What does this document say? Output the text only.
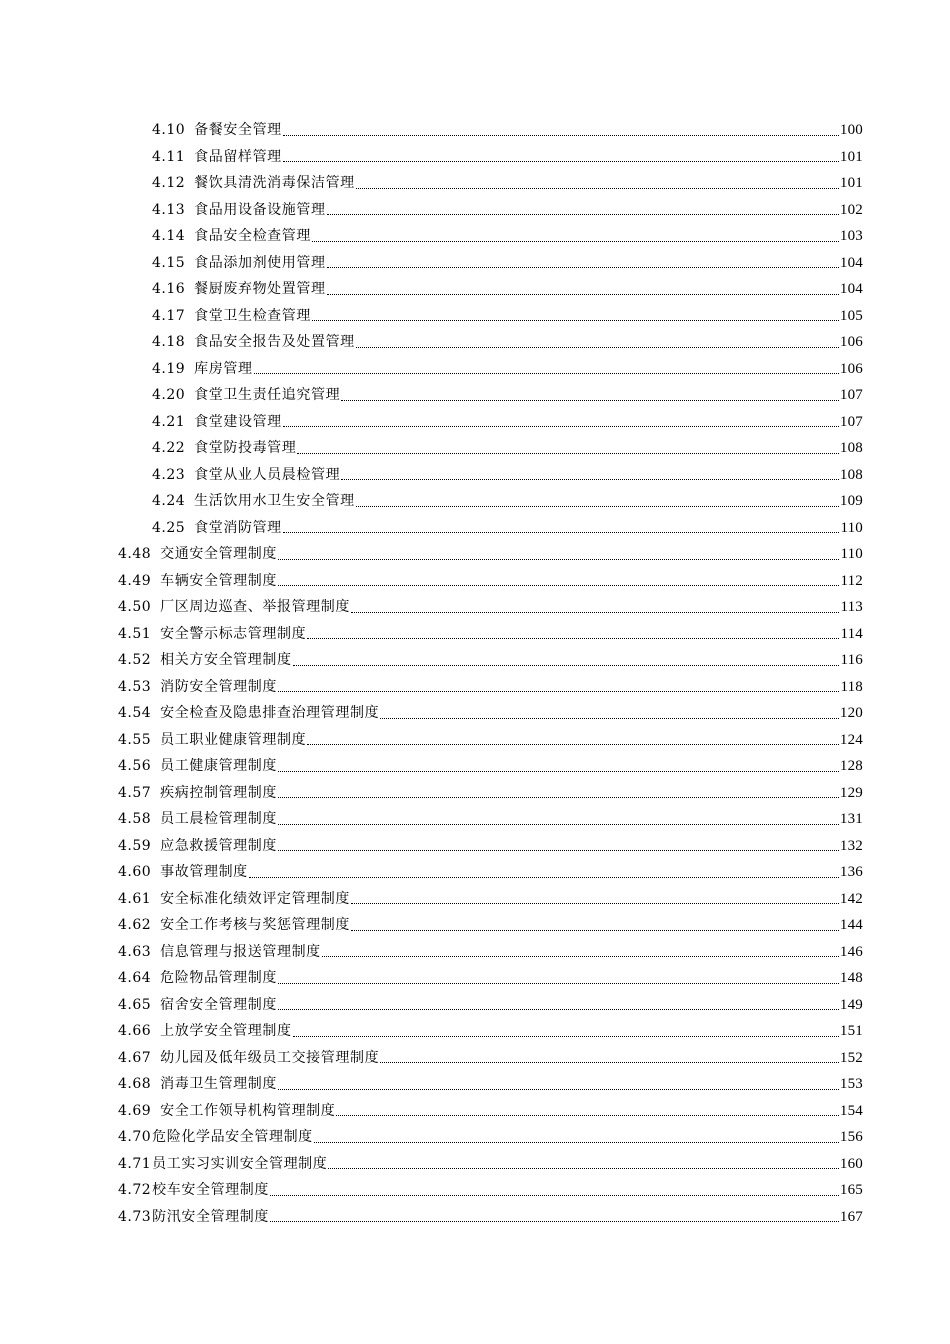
4.10 备餐安全管理	100
4.11 食品留样管理	101
4.12 餐饮具清洗消毒保洁管理	101
4.13 食品用设备设施管理	102
4.14 食品安全检查管理	103
4.15 食品添加剂使用管理	104
4.16 餐厨废弃物处置管理	104
4.17 食堂卫生检查管理	105
4.18 食品安全报告及处置管理	106
4.19 库房管理	106
4.20 食堂卫生责任追究管理	107
4.21 食堂建设管理	107
4.22 食堂防投毒管理	108
4.23 食堂从业人员晨检管理	108
4.24 生活饮用水卫生安全管理	109
4.25 食堂消防管理	110
4.48 交通安全管理制度	110
4.49 车辆安全管理制度	112
4.50 厂区周边巡查、举报管理制度	113
4.51 安全警示标志管理制度	114
4.52 相关方安全管理制度	116
4.53 消防安全管理制度	118
4.54 安全检查及隐患排查治理管理制度	120
4.55 员工职业健康管理制度	124
4.56 员工健康管理制度	128
4.57 疾病控制管理制度	129
4.58 员工晨检管理制度	131
4.59 应急救援管理制度	132
4.60 事故管理制度	136
4.61 安全标准化绩效评定管理制度	142
4.62 安全工作考核与奖惩管理制度	144
4.63 信息管理与报送管理制度	146
4.64 危险物品管理制度	148
4.65 宿舍安全管理制度	149
4.66 上放学安全管理制度	151
4.67 幼儿园及低年级员工交接管理制度	152
4.68 消毒卫生管理制度	153
4.69 安全工作领导机构管理制度	154
4.70 危险化学品安全管理制度	156
4.71 员工实习实训安全管理制度	160
4.72 校车安全管理制度	165
4.73 防汛安全管理制度	167
